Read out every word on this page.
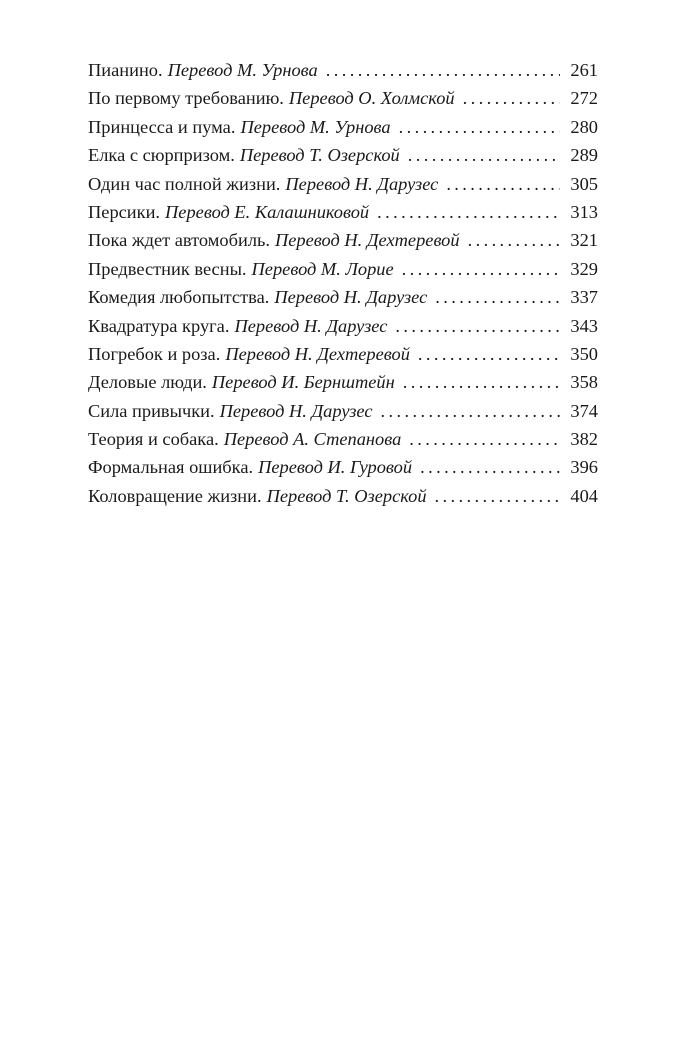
Пианино. Перевод М. Урнова . . .	261
По первому требованию. Перевод О. Холмской . . .	272
Принцесса и пума. Перевод М. Урнова . . .	280
Елка с сюрпризом. Перевод Т. Озерской . . .	289
Один час полной жизни. Перевод Н. Дарузес . . .	305
Персики. Перевод Е. Калашниковой . . .	313
Пока ждет автомобиль. Перевод Н. Дехтеревой . . .	321
Предвестник весны. Перевод М. Лорие . . .	329
Комедия любопытства. Перевод Н. Дарузес . . .	337
Квадратура круга. Перевод Н. Дарузес . . .	343
Погребок и роза. Перевод Н. Дехтеревой . . .	350
Деловые люди. Перевод И. Бернштейн . . .	358
Сила привычки. Перевод Н. Дарузес . . .	374
Теория и собака. Перевод А. Степанова . . .	382
Формальная ошибка. Перевод И. Гуровой . . .	396
Коловращение жизни. Перевод Т. Озерской . . .	404
